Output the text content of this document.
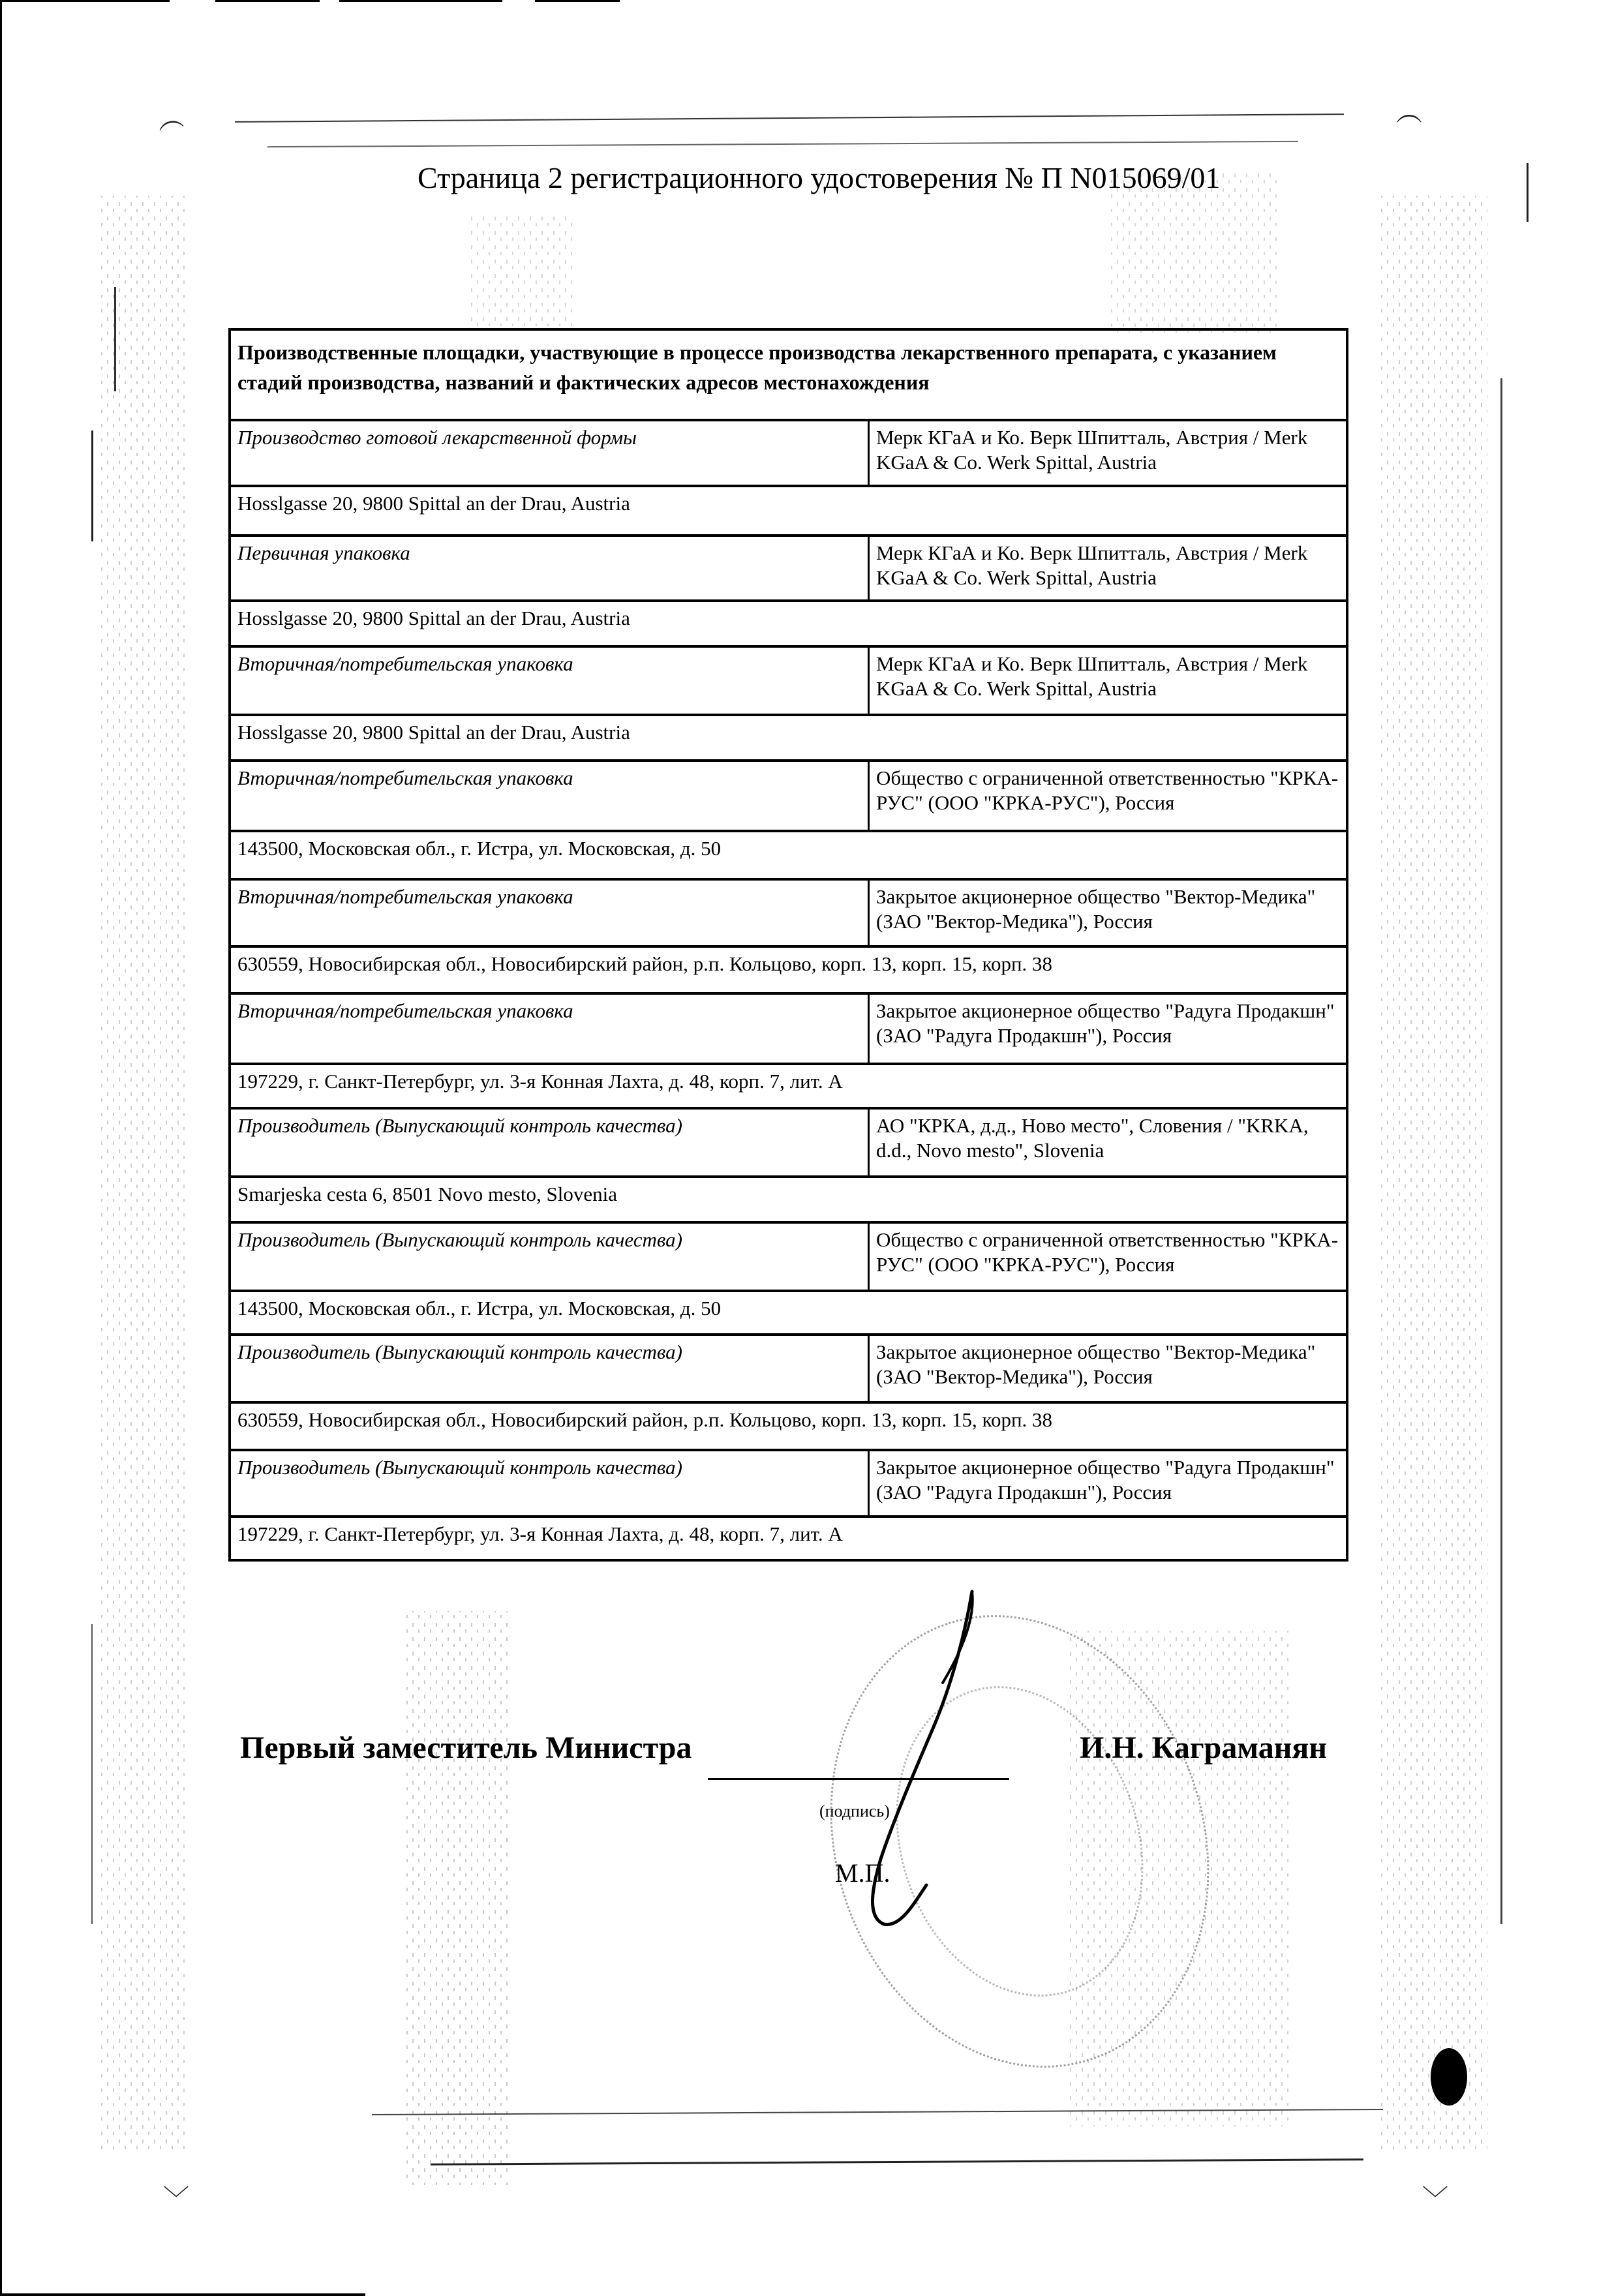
︵	︵
﹀	﹀
Страница 2 регистрационного удостоверения № П N015069/01
Производственные площадки, участвующие в процессе производства лекарственного препарата, с указанием стадий производства, названий и фактических адресов местонахождения
Производство готовой лекарственной формы	Мерк КГаА и Ко. Верк Шпитталь, Австрия / Merk KGaA & Co. Werk Spittal, Austria
Hosslgasse 20, 9800 Spittal an der Drau, Austria
Первичная упаковка	Мерк КГаА и Ко. Верк Шпитталь, Австрия / Merk KGaA & Co. Werk Spittal, Austria
Hosslgasse 20, 9800 Spittal an der Drau, Austria
Вторичная/потребительская упаковка	Мерк КГаА и Ко. Верк Шпитталь, Австрия / Merk KGaA & Co. Werk Spittal, Austria
Hosslgasse 20, 9800 Spittal an der Drau, Austria
Вторичная/потребительская упаковка	Общество с ограниченной ответственностью "КРКА-РУС" (ООО "КРКА-РУС"), Россия
143500, Московская обл., г. Истра, ул. Московская, д. 50
Вторичная/потребительская упаковка	Закрытое акционерное общество "Вектор-Медика" (ЗАО "Вектор-Медика"), Россия
630559, Новосибирская обл., Новосибирский район, р.п. Кольцово, корп. 13, корп. 15, корп. 38
Вторичная/потребительская упаковка	Закрытое акционерное общество "Радуга Продакшн" (ЗАО "Радуга Продакшн"), Россия
197229, г. Санкт-Петербург, ул. 3-я Конная Лахта, д. 48, корп. 7, лит. А
Производитель (Выпускающий контроль качества)	АО "КРКА, д.д., Ново место", Словения / "KRKA, d.d., Novo mesto", Slovenia
Smarjeska cesta 6, 8501 Novo mesto, Slovenia
Производитель (Выпускающий контроль качества)	Общество с ограниченной ответственностью "КРКА-РУС" (ООО "КРКА-РУС"), Россия
143500, Московская обл., г. Истра, ул. Московская, д. 50
Производитель (Выпускающий контроль качества)	Закрытое акционерное общество "Вектор-Медика" (ЗАО "Вектор-Медика"), Россия
630559, Новосибирская обл., Новосибирский район, р.п. Кольцово, корп. 13, корп. 15, корп. 38
Производитель (Выпускающий контроль качества)	Закрытое акционерное общество "Радуга Продакшн" (ЗАО "Радуга Продакшн"), Россия
197229, г. Санкт-Петербург, ул. 3-я Конная Лахта, д. 48, корп. 7, лит. А
Первый заместитель Министра	И.Н. Каграманян
(подпись)
М.П.
